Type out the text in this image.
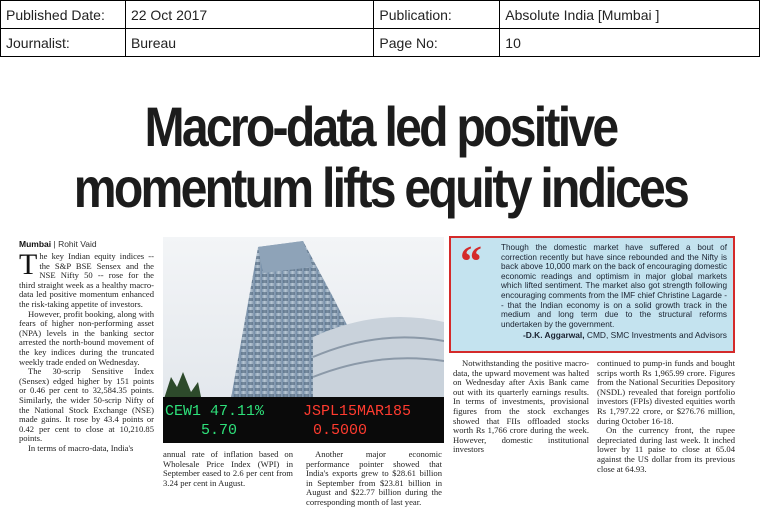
Published Date:	22 Oct 2017	Publication:	Absolute India [Mumbai ]
Journalist:	Bureau	Page No:	10
Macro-data led positive
momentum lifts equity indices
Mumbai | Rohit Vaid

The key Indian equity indices -- the S&P BSE Sensex and the NSE Nifty 50 -- rose for the third straight week as a healthy macro-data led positive momentum enhanced the risk-taking appetite of investors.

However, profit booking, along with fears of higher non-performing asset (NPA) levels in the banking sector arrested the north-bound movement of the key indices during the truncated weekly trade ended on Wednesday.

The 30-scrip Sensitive Index (Sensex) edged higher by 151 points or 0.46 per cent to 32,584.35 points. Similarly, the wider 50-scrip Nifty of the National Stock Exchange (NSE) made gains. It rose by 43.4 points or 0.42 per cent to close at 10,210.85 points.

In terms of macro-data, India's

CEW1 47.11%
5.70
JSPL15MAR185
0.5000

annual rate of inflation based on Wholesale Price Index (WPI) in September eased to 2.6 per cent from 3.24 per cent in August.

Another major economic performance pointer showed that India's exports grew to $28.61 billion in September from $23.81 billion in August and $22.77 billion during the corresponding month of last year.

Notwithstanding the positive macro-data, the upward movement was halted on Wednesday after Axis Bank came out with its quarterly earnings results. In terms of investments, provisional figures from the stock exchanges showed that FIIs offloaded stocks worth Rs 1,766 crore during the week. However, domestic institutional investors

continued to pump-in funds and bought scrips worth Rs 1,965.99 crore. Figures from the National Securities Depository (NSDL) revealed that foreign portfolio investors (FPIs) divested equities worth Rs 1,797.22 crore, or $276.76 million, during October 16-18.

On the currency front, the rupee depreciated during last week. It inched lower by 11 paise to close at 65.04 against the US dollar from its previous close at 64.93.

“ Though the domestic market have suffered a bout of correction recently but have since rebounded and the Nifty is back above 10,000 mark on the back of encouraging domestic economic readings and optimism in major global markets which lifted sentiment. The market also got strength following encouraging comments from the IMF chief Christine Lagarde -- that the Indian economy is on a solid growth track in the medium and long term due to the structural reforms undertaken by the government.
-D.K. Aggarwal, CMD, SMC Investments and Advisors
